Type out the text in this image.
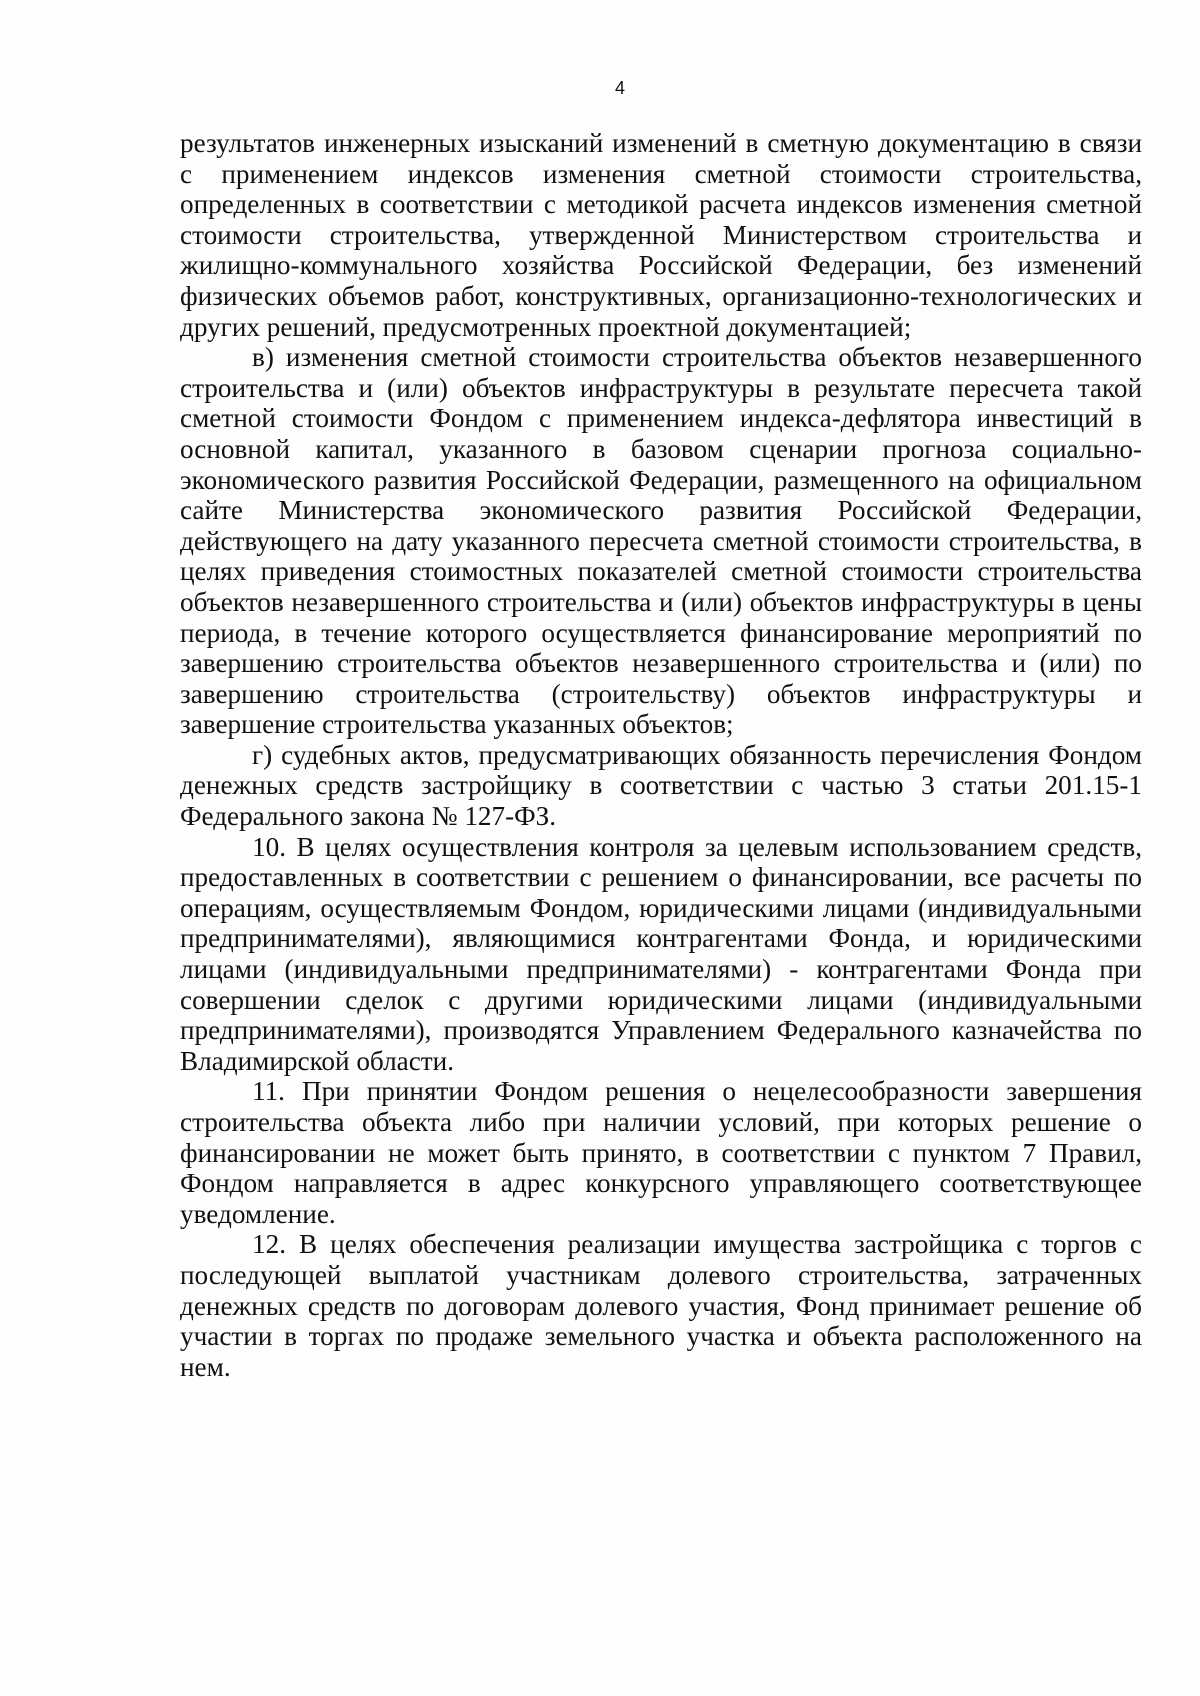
4

результатов инженерных изысканий изменений в сметную документацию в связи с применением индексов изменения сметной стоимости строительства, определенных в соответствии с методикой расчета индексов изменения сметной стоимости строительства, утвержденной Министерством строительства и жилищно-коммунального хозяйства Российской Федерации, без изменений физических объемов работ, конструктивных, организационно-технологических и других решений, предусмотренных проектной документацией;

в) изменения сметной стоимости строительства объектов незавершенного строительства и (или) объектов инфраструктуры в результате пересчета такой сметной стоимости Фондом с применением индекса-дефлятора инвестиций в основной капитал, указанного в базовом сценарии прогноза социально-экономического развития Российской Федерации, размещенного на официальном сайте Министерства экономического развития Российской Федерации, действующего на дату указанного пересчета сметной стоимости строительства, в целях приведения стоимостных показателей сметной стоимости строительства объектов незавершенного строительства и (или) объектов инфраструктуры в цены периода, в течение которого осуществляется финансирование мероприятий по завершению строительства объектов незавершенного строительства и (или) по завершению строительства (строительству) объектов инфраструктуры и завершение строительства указанных объектов;

г) судебных актов, предусматривающих обязанность перечисления Фондом денежных средств застройщику в соответствии с частью 3 статьи 201.15-1 Федерального закона № 127-ФЗ.

10. В целях осуществления контроля за целевым использованием средств, предоставленных в соответствии с решением о финансировании, все расчеты по операциям, осуществляемым Фондом, юридическими лицами (индивидуальными предпринимателями), являющимися контрагентами Фонда, и юридическими лицами (индивидуальными предпринимателями) - контрагентами Фонда при совершении сделок с другими юридическими лицами (индивидуальными предпринимателями), производятся Управлением Федерального казначейства по Владимирской области.

11. При принятии Фондом решения о нецелесообразности завершения строительства объекта либо при наличии условий, при которых решение о финансировании не может быть принято, в соответствии с пунктом 7 Правил, Фондом направляется в адрес конкурсного управляющего соответствующее уведомление.

12. В целях обеспечения реализации имущества застройщика с торгов с последующей выплатой участникам долевого строительства, затраченных денежных средств по договорам долевого участия, Фонд принимает решение об участии в торгах по продаже земельного участка и объекта расположенного на нем.
